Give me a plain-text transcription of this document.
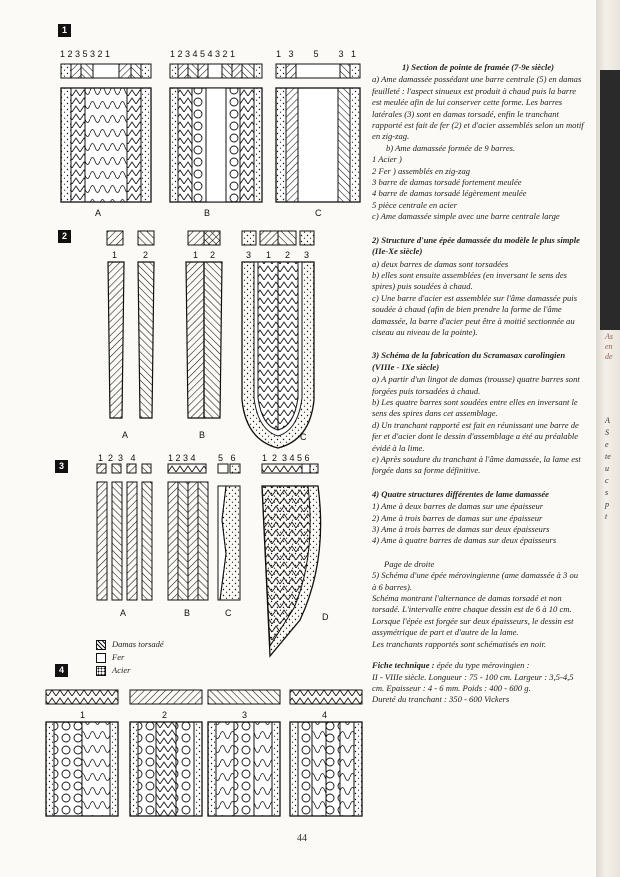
As
en
de
A
S
e
te
u
c
s
p
t
1 2 3 5 3 2 1
A
1 2 3 4 5 4 3 2 1
B
1   3        5        3   1
C
1	2
A
1 2
B
3 1 2 3
C
1  2  3   4
A
1 2 3 4
B
5   6
C
1  2  3 4 5 6
D
1	2	3	4
1
2
3
4
Damas torsadé
Fer
Acier

1) Section de pointe de framée (7-9e siècle)

a) Ame damassée possédant une barre centrale (5) en damas feuilleté : l'aspect sinueux est produit à chaud puis la barre est meulée afin de lui conserver cette forme. Les barres latérales (3) sont en damas torsadé, enfin le tranchant rapporté est fait de fer (2) et d'acier assemblés selon un motif en zig-zag.

b) Ame damassée formée de 9 barres.

1 Acier )

2 Fer ) assemblés en zig-zag

3 barre de damas torsadé fortement meulée

4 barre de damas torsadé légèrement meulée

5 pièce centrale en acier

c) Ame damassée simple avec une barre centrale large

2) Structure d'une épée damassée du modèle le plus simple (IIe-Xe siècle)

a) deux barres de damas sont torsadées

b) elles sont ensuite assemblées (en inversant le sens des spires) puis soudées à chaud.

c) Une barre d'acier est assemblée sur l'âme damassée puis soudée à chaud (afin de bien prendre la forme de l'âme damassée, la barre d'acier peut être à moitié sectionnée au ciseau au niveau de la pointe).

3) Schéma de la fabrication du Scramasax carolingien (VIIIe - IXe siècle)

a) A partir d'un lingot de damas (trousse) quatre barres sont forgées puis torsadées à chaud.

b) Les quatre barres sont soudées entre elles en inversant le sens des spires dans cet assemblage.

d) Un tranchant rapporté est fait en réunissant une barre de fer et d'acier dont le dessin d'assemblage a été au préalable évidé à la lime.

e) Après soudure du tranchant à l'âme damassée, la lame est forgée dans sa forme définitive.

4) Quatre structures différentes de lame damassée

1) Ame à deux barres de damas sur une épaisseur

2) Ame à trois barres de damas sur une épaisseur

3) Ame à trois barres de damas sur deux épaisseurs

4) Ame à quatre barres de damas sur deux épaisseurs

Page de droite

5) Schéma d'une épée mérovingienne (ame damassée à 3 ou à 6 barres).

Schéma montrant l'alternance de damas torsadé et non torsadé. L'intervalle entre chaque dessin est de 6 à 10 cm. Lorsque l'épée est forgée sur deux épaisseurs, le dessin est assymétrique de part et d'autre de la lame.

Les tranchants rapportés sont schématisés en noir.

Fiche technique : épée du type mérovingien :

II - VIIIe siècle. Longueur : 75 - 100 cm. Largeur : 3,5-4,5 cm. Epaisseur : 4 - 6 mm. Poids : 400 - 600 g.

Dureté du tranchant : 350 - 600 Vickers

44
